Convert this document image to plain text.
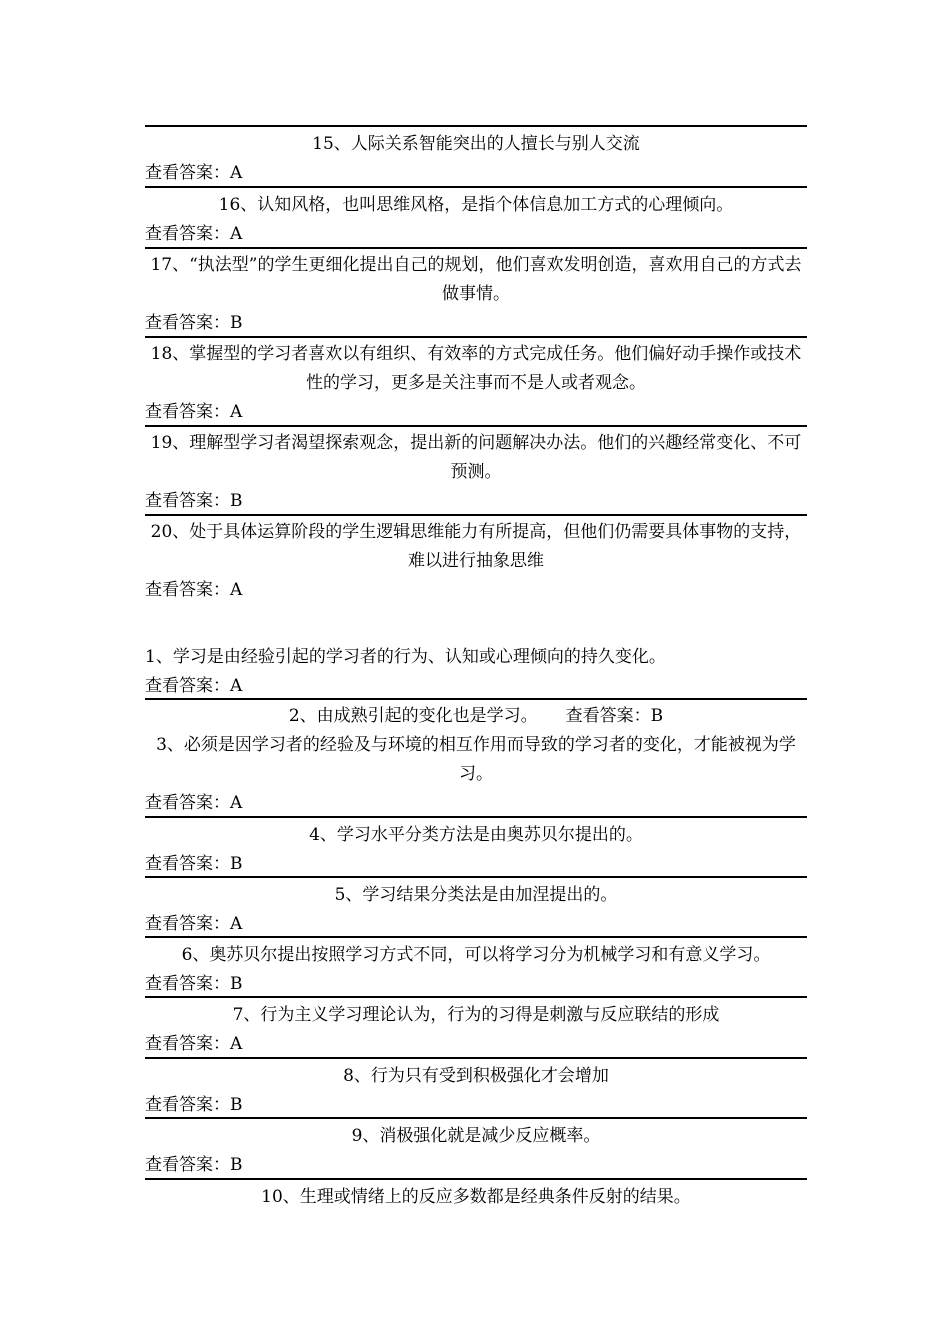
15、人际关系智能突出的人擅长与别人交流
查看答案：A
16、认知风格，也叫思维风格，是指个体信息加工方式的心理倾向。
查看答案：A
17、“执法型”的学生更细化提出自己的规划，他们喜欢发明创造，喜欢用自己的方式去做事情。
查看答案：B
18、掌握型的学习者喜欢以有组织、有效率的方式完成任务。他们偏好动手操作或技术性的学习，更多是关注事而不是人或者观念。
查看答案：A
19、理解型学习者渴望探索观念，提出新的问题解决办法。他们的兴趣经常变化、不可预测。
查看答案：B
20、处于具体运算阶段的学生逻辑思维能力有所提高，但他们仍需要具体事物的支持，难以进行抽象思维
查看答案：A
1、学习是由经验引起的学习者的行为、认知或心理倾向的持久变化。
查看答案：A
2、由成熟引起的变化也是学习。 查看答案：B
3、必须是因学习者的经验及与环境的相互作用而导致的学习者的变化，才能被视为学习。
查看答案：A
4、学习水平分类方法是由奥苏贝尔提出的。
查看答案：B
5、学习结果分类法是由加涅提出的。
查看答案：A
6、奥苏贝尔提出按照学习方式不同，可以将学习分为机械学习和有意义学习。
查看答案：B
7、行为主义学习理论认为，行为的习得是刺激与反应联结的形成
查看答案：A
8、行为只有受到积极强化才会增加
查看答案：B
9、消极强化就是减少反应概率。
查看答案：B
10、生理或情绪上的反应多数都是经典条件反射的结果。
